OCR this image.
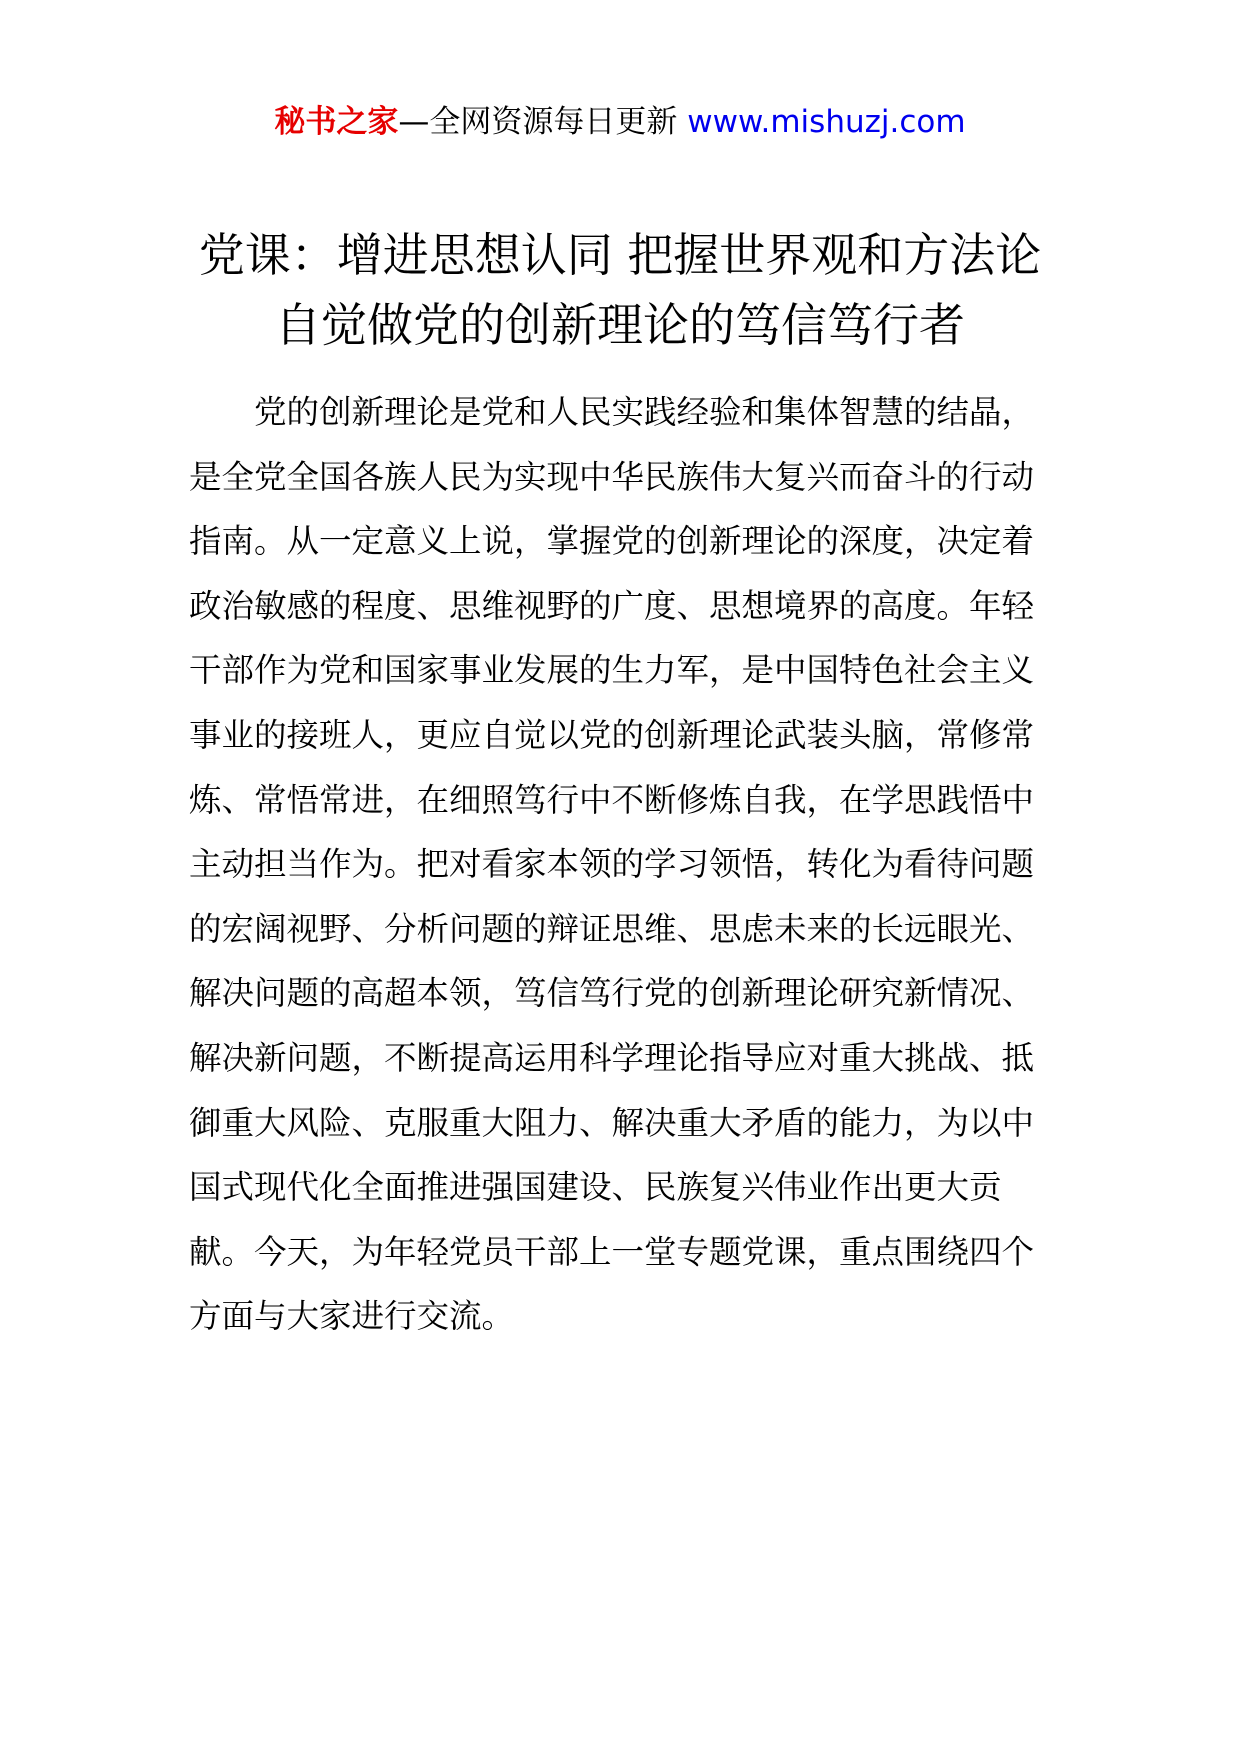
秘书之家—全网资源每日更新 www.mishuzj.com
党课：增进思想认同 把握世界观和方法论
自觉做党的创新理论的笃信笃行者

党的创新理论是党和人民实践经验和集体智慧的结晶，是全党全国各族人民为实现中华民族伟大复兴而奋斗的行动指南。从一定意义上说，掌握党的创新理论的深度，决定着政治敏感的程度、思维视野的广度、思想境界的高度。年轻干部作为党和国家事业发展的生力军，是中国特色社会主义事业的接班人，更应自觉以党的创新理论武装头脑，常修常炼、常悟常进，在细照笃行中不断修炼自我，在学思践悟中主动担当作为。把对看家本领的学习领悟，转化为看待问题的宏阔视野、分析问题的辩证思维、思虑未来的长远眼光、解决问题的高超本领，笃信笃行党的创新理论研究新情况、解决新问题，不断提高运用科学理论指导应对重大挑战、抵御重大风险、克服重大阻力、解决重大矛盾的能力，为以中国式现代化全面推进强国建设、民族复兴伟业作出更大贡献。今天，为年轻党员干部上一堂专题党课，重点围绕四个方面与大家进行交流。
